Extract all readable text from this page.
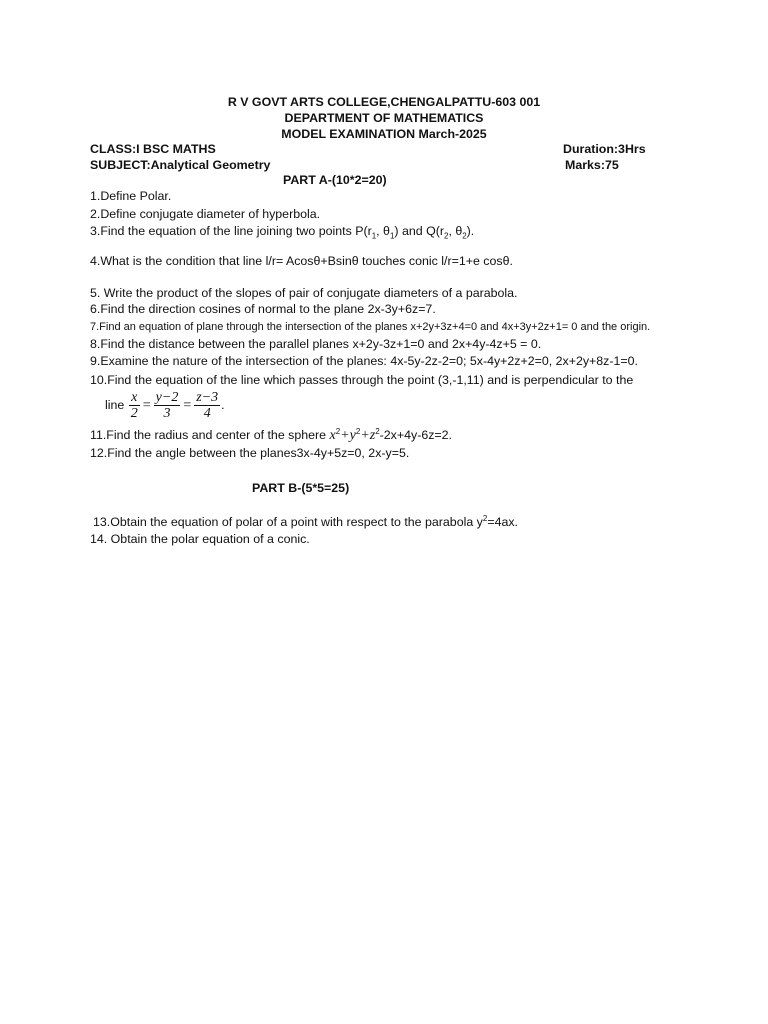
R V GOVT ARTS COLLEGE,CHENGALPATTU-603 001
DEPARTMENT OF MATHEMATICS
MODEL EXAMINATION March-2025
CLASS:I BSC MATHS	Duration:3Hrs
SUBJECT:Analytical Geometry	Marks:75
PART A-(10*2=20)
1.Define Polar.
2.Define conjugate diameter of hyperbola.
3.Find the equation of the line joining two points $P(r_1$, $\theta_1$) and $Q(r_2$, $\theta_2$).
4.What is the condition that line l/r= Acosθ+Bsinθ touches conic l/r=1+e cosθ.
5. Write the product of the slopes of pair of conjugate diameters of a parabola.
6.Find the direction cosines of normal to the plane 2x-3y+6z=7.
7.Find an equation of plane through the intersection of the planes x+2y+3z+4=0 and 4x+3y+2z+1= 0 and the origin.
8.Find the distance between the parallel planes x+2y-3z+1=0 and 2x+4y-4z+5 = 0.
9.Examine the nature of the intersection of the planes: 4x-5y-2z-2=0; 5x-4y+2z+2=0, 2x+2y+8z-1=0.
10.Find the equation of the line which passes through the point (3,-1,11) and is perpendicular to the
line $\frac{x}{2} = \frac{y-2}{3} = \frac{z-3}{4}$ .
11.Find the radius and center of the sphere $x^2+y^2+z^2-2x+4y-6z=2$.
12.Find the angle between the planes3x-4y+5z=0, 2x-y=5.
PART B-(5*5=25)
13.Obtain the equation of polar of a point with respect to the parabola $y^2=4ax$.
14. Obtain the polar equation of a conic.
